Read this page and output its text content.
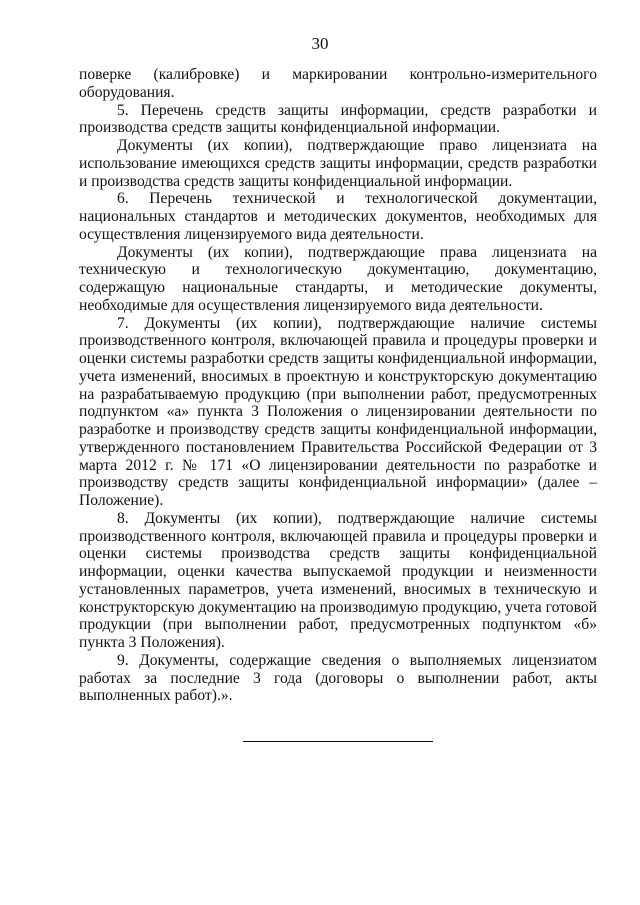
30

поверке (калибровке) и маркировании контрольно-измерительного оборудования.

5. Перечень средств защиты информации, средств разработки и производства средств защиты конфиденциальной информации.

Документы (их копии), подтверждающие право лицензиата на использование имеющихся средств защиты информации, средств разработки и производства средств защиты конфиденциальной информации.

6. Перечень технической и технологической документации, национальных стандартов и методических документов, необходимых для осуществления лицензируемого вида деятельности.

Документы (их копии), подтверждающие права лицензиата на техническую и технологическую документацию, документацию, содержащую национальные стандарты, и методические документы, необходимые для осуществления лицензируемого вида деятельности.

7. Документы (их копии), подтверждающие наличие системы производственного контроля, включающей правила и процедуры проверки и оценки системы разработки средств защиты конфиденциальной информации, учета изменений, вносимых в проектную и конструкторскую документацию на разрабатываемую продукцию (при выполнении работ, предусмотренных подпунктом «а» пункта 3 Положения о лицензировании деятельности по разработке и производству средств защиты конфиденциальной информации, утвержденного постановлением Правительства Российской Федерации от 3 марта 2012 г. № 171 «О лицензировании деятельности по разработке и производству средств защиты конфиденциальной информации» (далее – Положение).

8. Документы (их копии), подтверждающие наличие системы производственного контроля, включающей правила и процедуры проверки и оценки системы производства средств защиты конфиденциальной информации, оценки качества выпускаемой продукции и неизменности установленных параметров, учета изменений, вносимых в техническую и конструкторскую документацию на производимую продукцию, учета готовой продукции (при выполнении работ, предусмотренных подпунктом «б» пункта 3 Положения).

9. Документы, содержащие сведения о выполняемых лицензиатом работах за последние 3 года (договоры о выполнении работ, акты выполненных работ).».
